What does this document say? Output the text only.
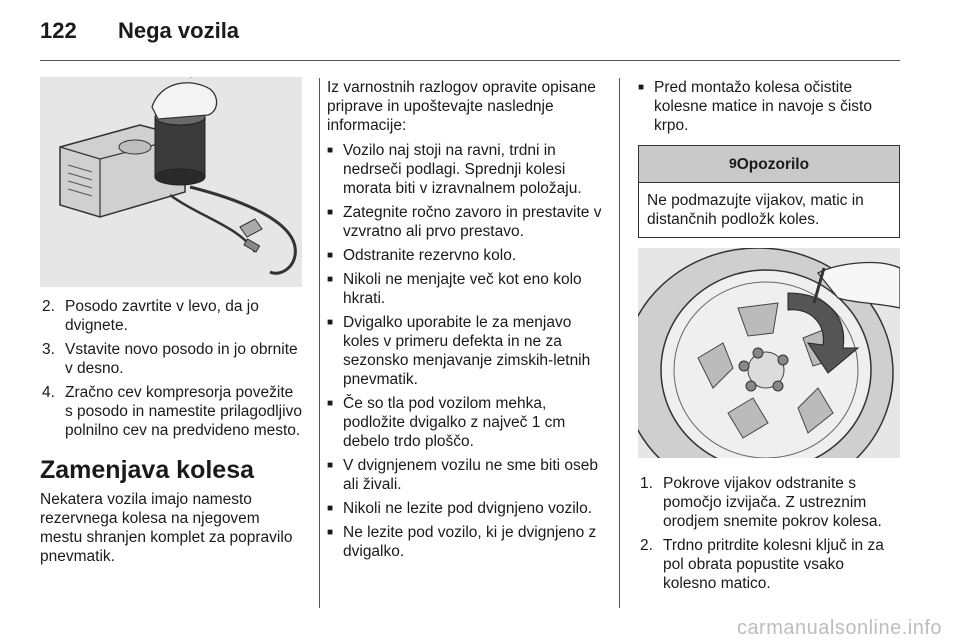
122 Nega vozila
2. Posodo zavrtite v levo, da jo dvignete.
3. Vstavite novo posodo in jo obrnite v desno.
4. Zračno cev kompresorja povežite s posodo in namestite prilagodljivo polnilno cev na predvideno mesto.
Zamenjava kolesa

Nekatera vozila imajo namesto rezervnega kolesa na njegovem mestu shranjen komplet za popravilo pnevmatik.

Iz varnostnih razlogov opravite opisane priprave in upoštevajte naslednje informacije:

■ Vozilo naj stoji na ravni, trdni in nedrseči podlagi. Sprednji kolesi morata biti v izravnalnem položaju.
■ Zategnite ročno zavoro in prestavite v vzvratno ali prvo prestavo.
■ Odstranite rezervno kolo.
■ Nikoli ne menjajte več kot eno kolo hkrati.
■ Dvigalko uporabite le za menjavo koles v primeru defekta in ne za sezonsko menjavanje zimskih-letnih pnevmatik.
■ Če so tla pod vozilom mehka, podložite dvigalko z največ 1 cm debelo trdo ploščo.
■ V dvignjenem vozilu ne sme biti oseb ali živali.
■ Nikoli ne lezite pod dvignjeno vozilo.
■ Ne lezite pod vozilo, ki je dvignjeno z dvigalko.
■ Pred montažo kolesa očistite kolesne matice in navoje s čisto krpo.
9Opozorilo
Ne podmazujte vijakov, matic in distančnih podložk koles.
1. Pokrove vijakov odstranite s pomočjo izvijača. Z ustreznim orodjem snemite pokrov kolesa.
2. Trdno pritrdite kolesni ključ in za pol obrata popustite vsako kolesno matico.
carmanualsonline.info
